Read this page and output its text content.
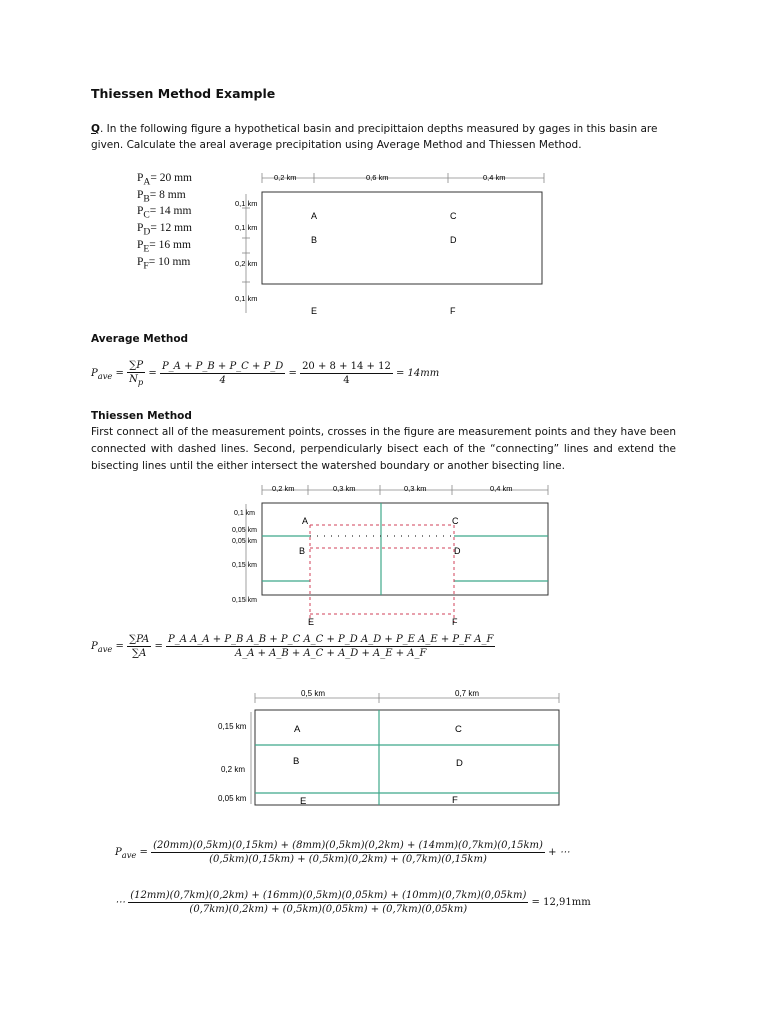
Thiessen Method Example
Q. In the following figure a hypothetical basin and precipittaion depths measured by gages in this basin are given. Calculate the areal average precipitation using Average Method and Thiessen Method.
$P_A= 20$ mm
$P_B= 8$ mm
$P_C= 14$ mm
$P_D= 12$ mm
$P_E= 16$ mm
$P_F= 10$ mm
0,2 km	0,6 km	0,4 km
0,1 km
0,1 km
0,2 km
0,1 km
A	C
B	D
E	F
Average Method
$P_{ave} = \frac{\sum P}{N_p} = \frac{P\_A + P\_B + P\_C + P\_D}{4} = \frac{20 + 8 + 14 + 12}{4} = 14mm$
Thiessen Method
First connect all of the measurement points, crosses in the figure are measurement points and they have been connected with dashed lines. Second, perpendicularly bisect each of the “connecting” lines and extend the bisecting lines until the either intersect the watershed boundary or another bisecting line.
0,2 km	0,3 km	0,3 km	0,4 km
0,1 km
0,05 km
0,05 km
0,15 km
0,15 km
A	C
B	D
E	F
$P_{ave} = \frac{\sum PA}{\sum A} = \frac{\text{P\_A A\_A + P\_B A\_B + P\_C A\_C + P\_D A\_D + P\_E A\_E + P\_F A\_F}}{A\_A + A\_B + A\_C + A\_D + A\_E + A\_F}$
0,5 km	0,7 km
0,15 km
0,2 km
0,05 km
A	C
B	D
E	F
$P_{ave}$ =
(20mm)(0,5km)(0,15km) + (8mm)(0,5km)(0,2km) + (14mm)(0,7km)(0,15km)
(0,5km)(0,15km) + (0,5km)(0,2km) + (0,7km)(0,15km)
+ ⋯
⋯
(12mm)(0,7km)(0,2km) + (16mm)(0,5km)(0,05km) + (10mm)(0,7km)(0,05km)
(0,7km)(0,2km) + (0,5km)(0,05km) + (0,7km)(0,05km)
= 12,91mm
